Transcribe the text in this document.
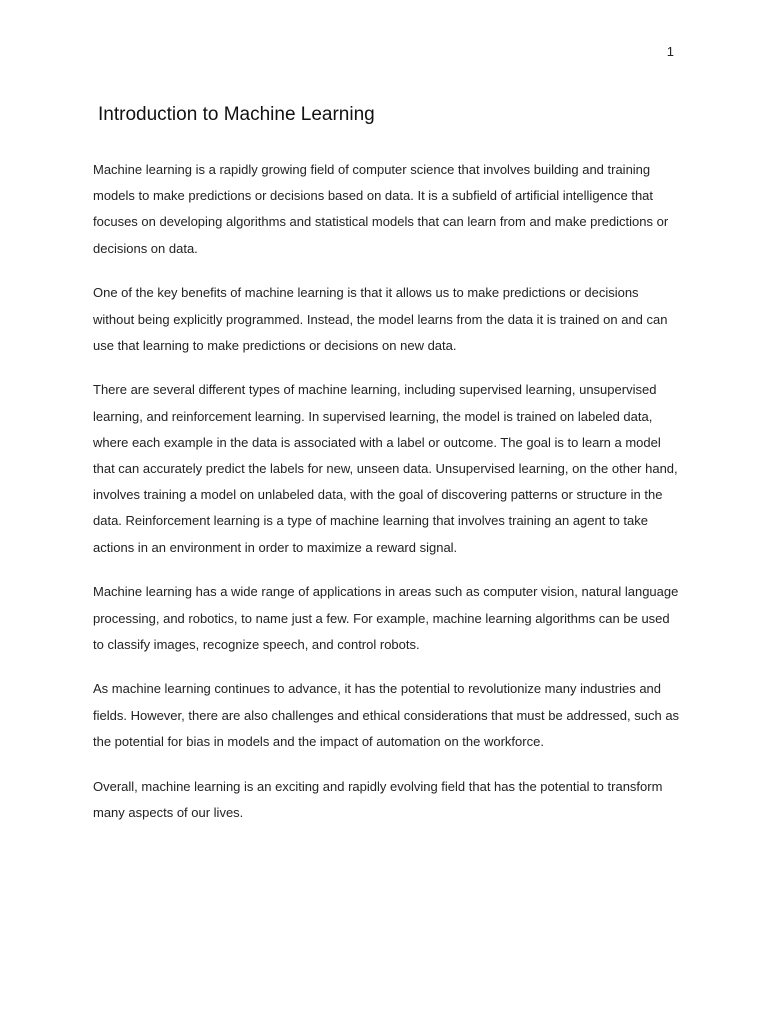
1
Introduction to Machine Learning

Machine learning is a rapidly growing field of computer science that involves building and training models to make predictions or decisions based on data. It is a subfield of artificial intelligence that focuses on developing algorithms and statistical models that can learn from and make predictions or decisions on data.

One of the key benefits of machine learning is that it allows us to make predictions or decisions without being explicitly programmed. Instead, the model learns from the data it is trained on and can use that learning to make predictions or decisions on new data.

There are several different types of machine learning, including supervised learning, unsupervised learning, and reinforcement learning. In supervised learning, the model is trained on labeled data, where each example in the data is associated with a label or outcome. The goal is to learn a model that can accurately predict the labels for new, unseen data. Unsupervised learning, on the other hand, involves training a model on unlabeled data, with the goal of discovering patterns or structure in the data. Reinforcement learning is a type of machine learning that involves training an agent to take actions in an environment in order to maximize a reward signal.

Machine learning has a wide range of applications in areas such as computer vision, natural language processing, and robotics, to name just a few. For example, machine learning algorithms can be used to classify images, recognize speech, and control robots.

As machine learning continues to advance, it has the potential to revolutionize many industries and fields. However, there are also challenges and ethical considerations that must be addressed, such as the potential for bias in models and the impact of automation on the workforce.

Overall, machine learning is an exciting and rapidly evolving field that has the potential to transform many aspects of our lives.
